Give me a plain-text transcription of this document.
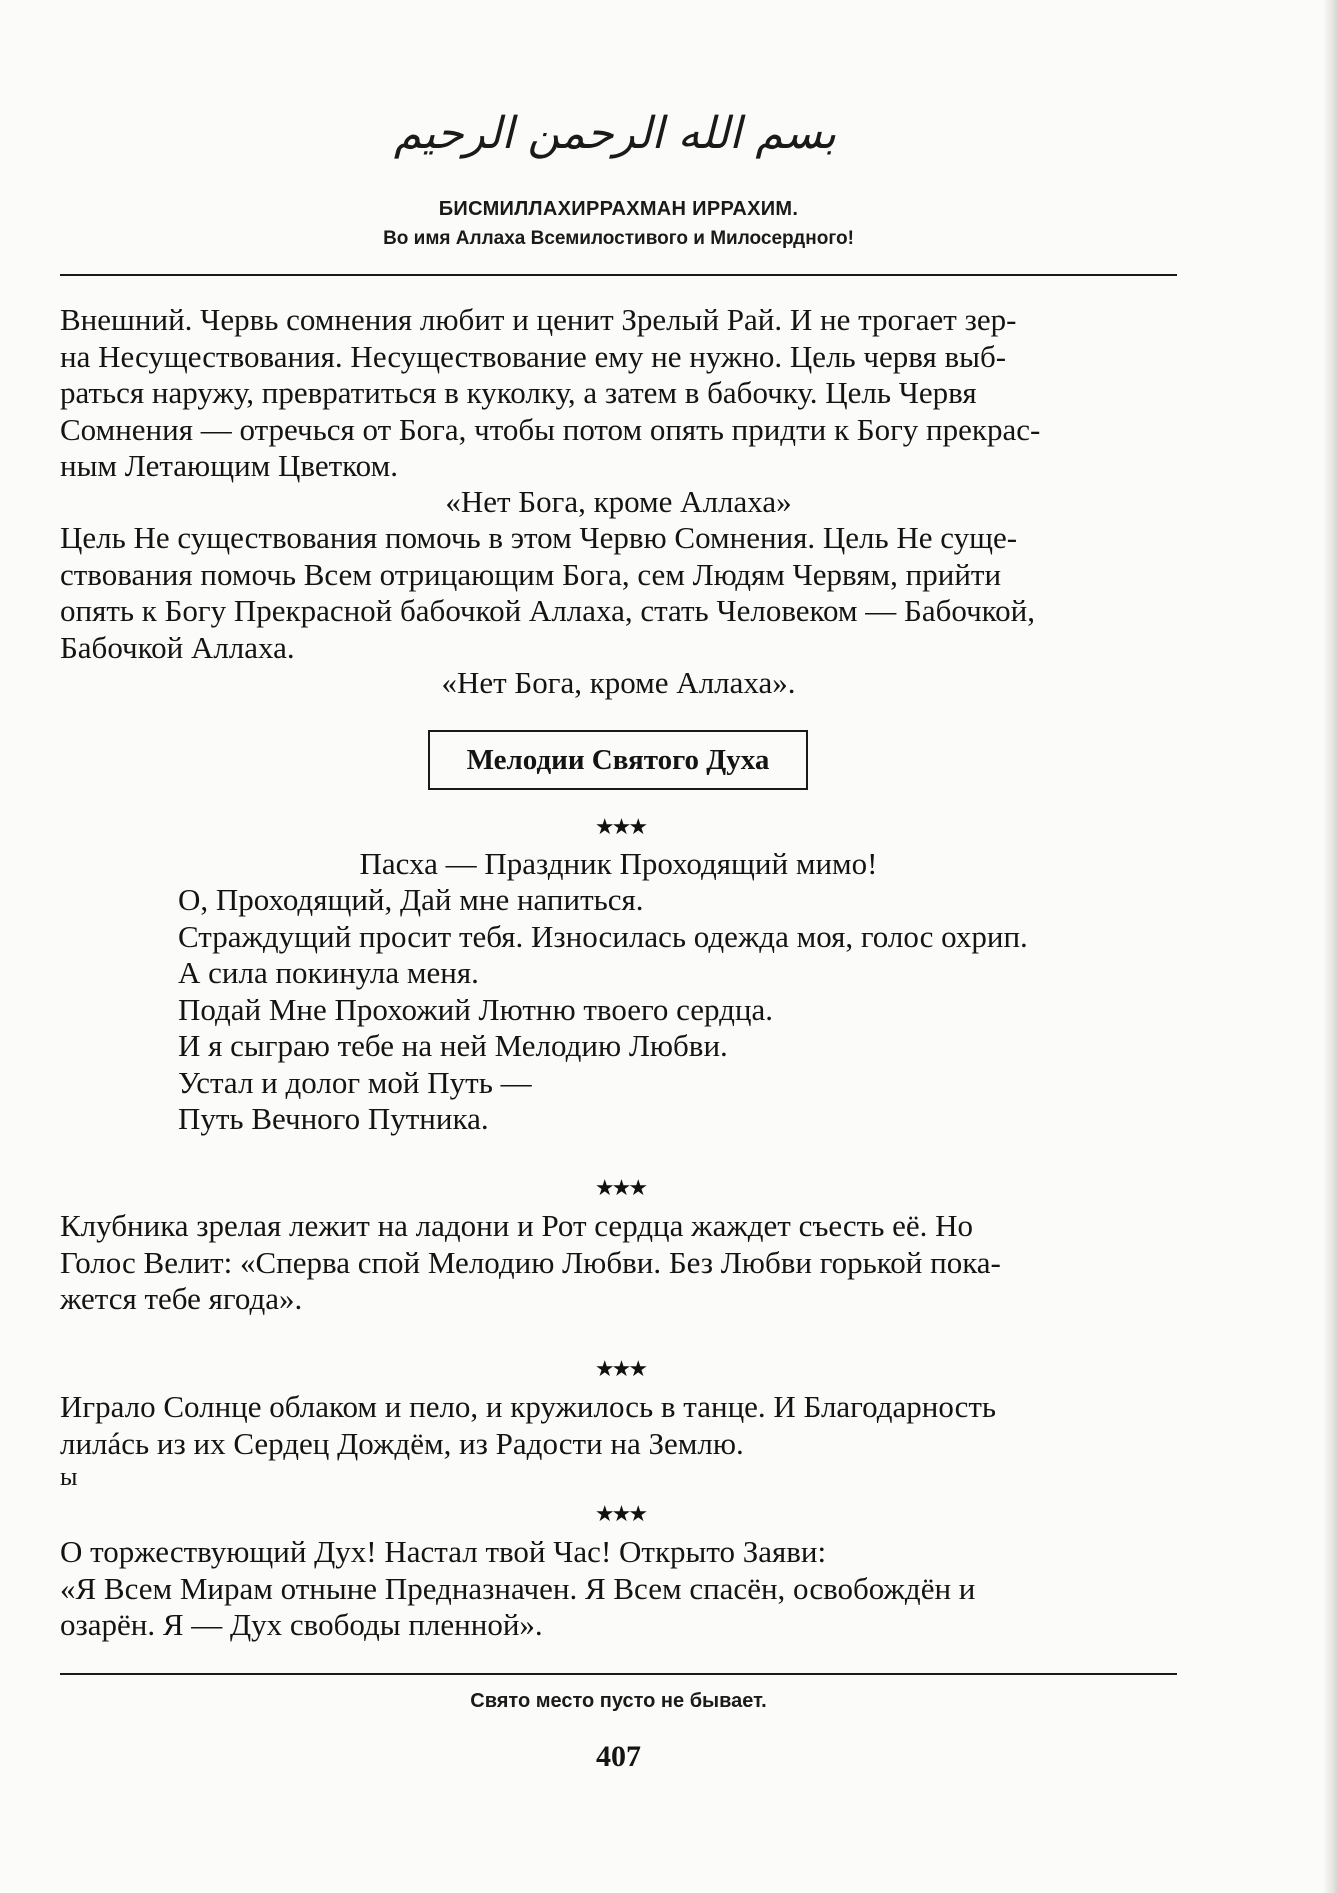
بسم الله الرحمن الرحيم
БИСМИЛЛАХИРРАХМАН ИРРАХИМ.
Во имя Аллаха Всемилостивого и Милосердного!
Внешний. Червь сомнения любит и ценит Зрелый Рай. И не трогает зер-
на Несуществования. Несуществование ему не нужно. Цель червя выб-
раться наружу, превратиться в куколку, а затем в бабочку. Цель Червя
Сомнения — отречься от Бога, чтобы потом опять придти к Богу прекрас-
ным Летающим Цветком.
«Нет Бога, кроме Аллаха»
Цель Не существования помочь в этом Червю Сомнения. Цель Не суще-
ствования помочь Всем отрицающим Бога, сем Людям Червям, прийти
опять к Богу Прекрасной бабочкой Аллаха, стать Человеком — Бабочкой,
Бабочкой Аллаха.
«Нет Бога, кроме Аллаха».
Мелодии Святого Духа
★★★
Пасха — Праздник Проходящий мимо!
О, Проходящий, Дай мне напиться.
Страждущий просит тебя. Износилась одежда моя, голос охрип.
А сила покинула меня.
Подай Мне Прохожий Лютню твоего сердца.
И я сыграю тебе на ней Мелодию Любви.
Устал и долог мой Путь —
Путь Вечного Путника.
★★★
Клубника зрелая лежит на ладони и Рот сердца жаждет съесть её. Но
Голос Велит: «Сперва спой Мелодию Любви. Без Любви горькой пока-
жется тебе ягода».
★★★
Играло Солнце облаком и пело, и кружилось в танце. И Благодарность
лилáсь из их Сердец Дождём, из Радости на Землю.
ы
★★★
О торжествующий Дух! Настал твой Час! Открыто Заяви:
«Я Всем Мирам отныне Предназначен. Я Всем спасён, освобождён и
озарён. Я — Дух свободы пленной».
Свято место пусто не бывает.
407
